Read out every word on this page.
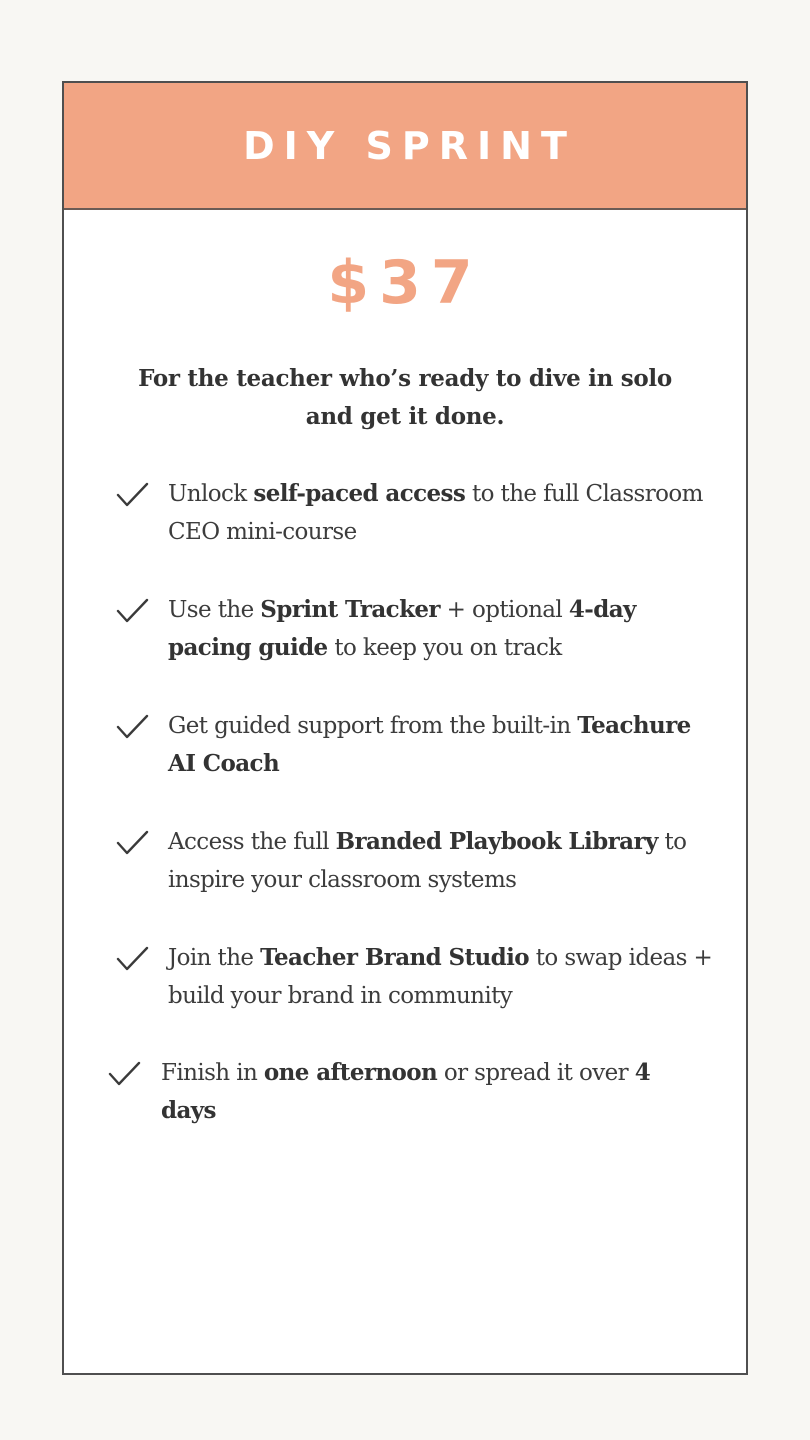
DIY SPRINT
$37
For the teacher who’s ready to dive in solo and get it done.
Unlock self-paced access to the full Classroom CEO mini-course
Use the Sprint Tracker + optional 4-day pacing guide to keep you on track
Get guided support from the built-in Teachure AI Coach
Access the full Branded Playbook Library to inspire your classroom systems
Join the Teacher Brand Studio to swap ideas + build your brand in community
Finish in one afternoon or spread it over 4 days
